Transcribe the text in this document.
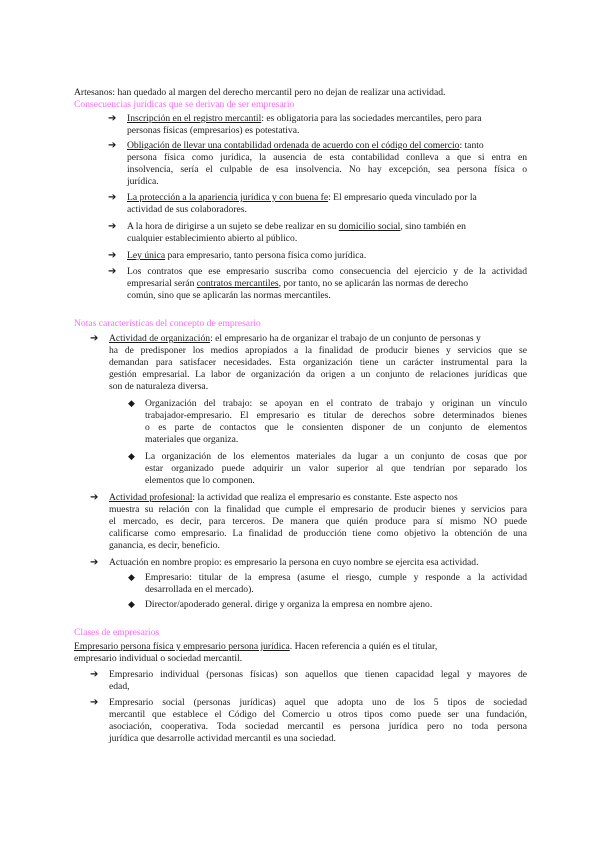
Artesanos: han quedado al margen del derecho mercantil pero no dejan de realizar una actividad.
Consecuencias jurídicas que se derivan de ser empresario
➔ Inscripción en el registro mercantil: es obligatoria para las sociedades mercantiles, pero para
personas físicas (empresarios) es potestativa.
➔ Obligación de llevar una contabilidad ordenada de acuerdo con el código del comercio: tanto
persona física como jurídica, la ausencia de esta contabilidad conlleva a que si entra en
insolvencia, sería el culpable de esa insolvencia. No hay excepción, sea persona física o
jurídica.
➔ La protección a la apariencia jurídica y con buena fe: El empresario queda vinculado por la
actividad de sus colaboradores.
➔ A la hora de dirigirse a un sujeto se debe realizar en su domicilio social, sino también en
cualquier establecimiento abierto al público.
➔ Ley única para empresario, tanto persona física como jurídica.
➔ Los contratos que ese empresario suscriba como consecuencia del ejercicio y de la actividad
empresarial serán contratos mercantiles, por tanto, no se aplicarán las normas de derecho
común, sino que se aplicarán las normas mercantiles.
Notas características del concepto de empresario
➔ Actividad de organización: el empresario ha de organizar el trabajo de un conjunto de personas y
ha de predisponer los medios apropiados a la finalidad de producir bienes y servicios que se
demandan para satisfacer necesidades. Esta organización tiene un carácter instrumental para la
gestión empresarial. La labor de organización da origen a un conjunto de relaciones jurídicas que
son de naturaleza diversa.
◆ Organización del trabajo: se apoyan en el contrato de trabajo y originan un vínculo
trabajador-empresario. El empresario es titular de derechos sobre determinados bienes
o es parte de contactos que le consienten disponer de un conjunto de elementos
materiales que organiza.
◆ La organización de los elementos materiales da lugar a un conjunto de cosas que por
estar organizado puede adquirir un valor superior al que tendrían por separado los
elementos que lo componen.
➔ Actividad profesional: la actividad que realiza el empresario es constante. Este aspecto nos
muestra su relación con la finalidad que cumple el empresario de producir bienes y servicios para
el mercado, es decir, para terceros. De manera que quién produce para sí mismo NO puede
calificarse como empresario. La finalidad de producción tiene como objetivo la obtención de una
ganancia, es decir, beneficio.
➔ Actuación en nombre propio: es empresario la persona en cuyo nombre se ejercita esa actividad.
◆ Empresario: titular de la empresa (asume el riesgo, cumple y responde a la actividad
desarrollada en el mercado).
◆ Director/apoderado general. dirige y organiza la empresa en nombre ajeno.
Clases de empresarios
Empresario persona física y empresario persona jurídica. Hacen referencia a quién es el titular,
empresario individual o sociedad mercantil.
➔ Empresario individual (personas físicas) son aquellos que tienen capacidad legal y mayores de
edad,
➔ Empresario social (personas jurídicas) aquel que adopta uno de los 5 tipos de sociedad
mercantil que establece el Código del Comercio u otros tipos como puede ser una fundación,
asociación, cooperativa. Toda sociedad mercantil es persona jurídica pero no toda persona
jurídica que desarrolle actividad mercantil es una sociedad.
